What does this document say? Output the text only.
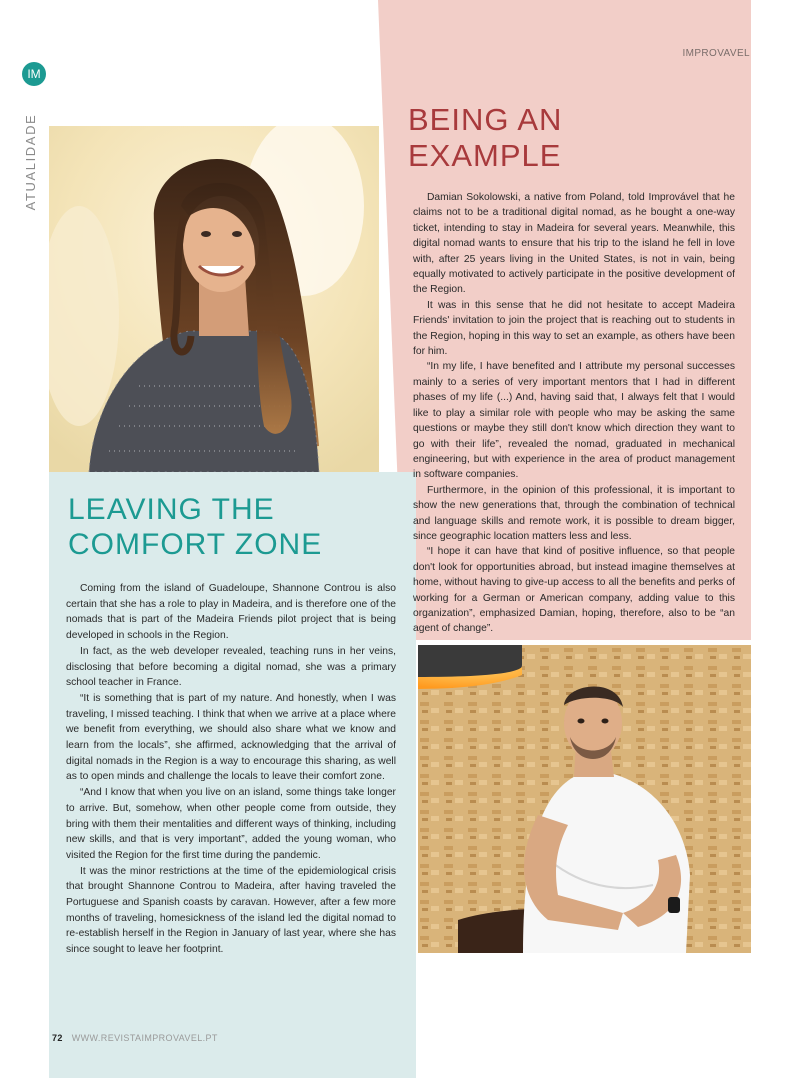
IM
ATUALIDADE
IMPROVAVEL
BEING AN
EXAMPLE

Damian Sokolowski, a native from Poland, told Improvável that he claims not to be a traditional digital nomad, as he bought a one-way ticket, intending to stay in Madeira for several years. Meanwhile, this digital nomad wants to ensure that his trip to the island he fell in love with, after 25 years living in the United States, is not in vain, being equally motivated to actively participate in the positive development of the Region.

It was in this sense that he did not hesitate to accept Madeira Friends' invitation to join the project that is reaching out to students in the Region, hoping in this way to set an example, as others have been for him.

“In my life, I have benefited and I attribute my personal successes mainly to a series of very important mentors that I had in different phases of my life (...) And, having said that, I always felt that I would like to play a similar role with people who may be asking the same questions or maybe they still don't know which direction they want to go with their life”, revealed the nomad, graduated in mechanical engineering, but with experience in the area of product management in software companies.

Furthermore, in the opinion of this professional, it is important to show the new generations that, through the combination of technical and language skills and remote work, it is possible to dream bigger, since geographic location matters less and less.

“I hope it can have that kind of positive influence, so that people don't look for opportunities abroad, but instead imagine themselves at home, without having to give-up access to all the benefits and perks of working for a German or American company, adding value to this organization”, emphasized Damian, hoping, therefore, also to be “an agent of change”.

LEAVING THE
COMFORT ZONE

Coming from the island of Guadeloupe, Shannone Controu is also certain that she has a role to play in Madeira, and is therefore one of the nomads that is part of the Madeira Friends pilot project that is being developed in schools in the Region.

In fact, as the web developer revealed, teaching runs in her veins, disclosing that before becoming a digital nomad, she was a primary school teacher in France.

“It is something that is part of my nature. And honestly, when I was traveling, I missed teaching. I think that when we arrive at a place where we benefit from everything, we should also share what we know and learn from the locals”, she affirmed, acknowledging that the arrival of digital nomads in the Region is a way to encourage this sharing, as well as to open minds and challenge the locals to leave their comfort zone.

“And I know that when you live on an island, some things take longer to arrive. But, somehow, when other people come from outside, they bring with them their mentalities and different ways of thinking, including new skills, and that is very important”, added the young woman, who visited the Region for the first time during the pandemic.

It was the minor restrictions at the time of the epidemiological crisis that brought Shannone Controu to Madeira, after having traveled the Portuguese and Spanish coasts by caravan. However, after a few more months of traveling, homesickness of the island led the digital nomad to re-establish herself in the Region in January of last year, where she has since sought to leave her footprint.

72 WWW.REVISTAIMPROVAVEL.PT
